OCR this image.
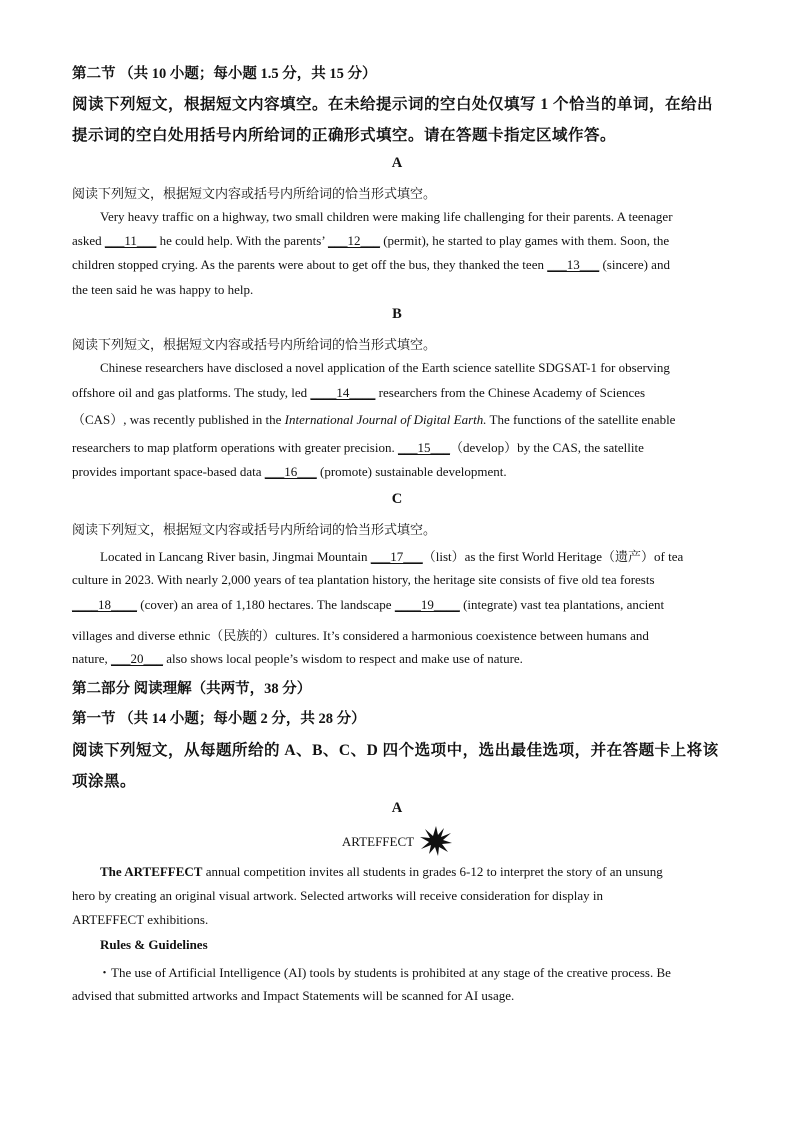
第二节 （共 10 小题；每小题 1.5 分，共 15 分）
阅读下列短文，根据短文内容填空。在未给提示词的空白处仅填写 1 个恰当的单词，在给出
提示词的空白处用括号内所给词的正确形式填空。请在答题卡指定区域作答。
A
阅读下列短文，根据短文内容或括号内所给词的恰当形式填空。
Very heavy traffic on a highway, two small children were making life challenging for their parents. A teenager
asked ___11___ he could help. With the parents’ ___12___ (permit), he started to play games with them. Soon, the
children stopped crying. As the parents were about to get off the bus, they thanked the teen ___13___ (sincere) and
the teen said he was happy to help.
B
阅读下列短文，根据短文内容或括号内所给词的恰当形式填空。
Chinese researchers have disclosed a novel application of the Earth science satellite SDGSAT-1 for observing
offshore oil and gas platforms. The study, led ____14____ researchers from the Chinese Academy of Sciences
（CAS）, was recently published in the International Journal of Digital Earth. The functions of the satellite enable
researchers to map platform operations with greater precision. ___15___（develop）by the CAS, the satellite
provides important space-based data ___16___ (promote) sustainable development.
C
阅读下列短文，根据短文内容或括号内所给词的恰当形式填空。
Located in Lancang River basin, Jingmai Mountain ___17___（list）as the first World Heritage（遗产）of tea
culture in 2023. With nearly 2,000 years of tea plantation history, the heritage site consists of five old tea forests
____18____ (cover) an area of 1,180 hectares. The landscape ____19____ (integrate) vast tea plantations, ancient
villages and diverse ethnic（民族的）cultures. It’s considered a harmonious coexistence between humans and
nature, ___20___ also shows local people’s wisdom to respect and make use of nature.
第二部分 阅读理解（共两节，38 分）
第一节 （共 14 小题；每小题 2 分，共 28 分）
阅读下列短文，从每题所给的 A、B、C、D 四个选项中，选出最佳选项，并在答题卡上将该
项涂黑。
A
ARTEFFECT
The ARTEFFECT annual competition invites all students in grades 6-12 to interpret the story of an unsung
hero by creating an original visual artwork. Selected artworks will receive consideration for display in
ARTEFFECT exhibitions.
Rules & Guidelines
・The use of Artificial Intelligence (AI) tools by students is prohibited at any stage of the creative process. Be
advised that submitted artworks and Impact Statements will be scanned for AI usage.
